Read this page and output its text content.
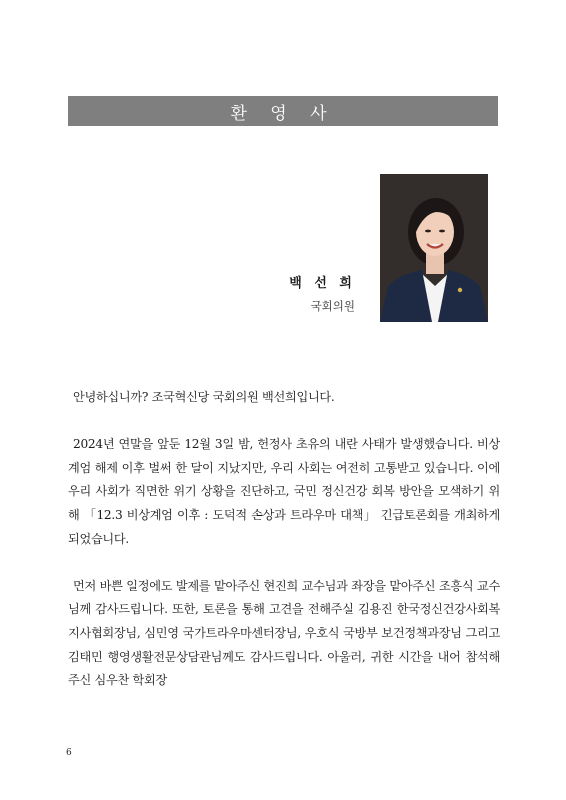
환 영 사
백 선 희
국회의원

안녕하십니까? 조국혁신당 국회의원 백선희입니다.

2024년 연말을 앞둔 12월 3일 밤, 헌정사 초유의 내란 사태가 발생했습니다. 비상계엄 해제 이후 벌써 한 달이 지났지만, 우리 사회는 여전히 고통받고 있습니다. 이에 우리 사회가 직면한 위기 상황을 진단하고, 국민 정신건강 회복 방안을 모색하기 위해 「12.3 비상계엄 이후 : 도덕적 손상과 트라우마 대책」 긴급토론회를 개최하게 되었습니다.

먼저 바쁜 일정에도 발제를 맡아주신 현진희 교수님과 좌장을 맡아주신 조흥식 교수님께 감사드립니다. 또한, 토론을 통해 고견을 전해주실 김용진 한국정신건강사회복지사협회장님, 심민영 국가트라우마센터장님, 우호식 국방부 보건정책과장님 그리고 김태민 행영생활전문상담관님께도 감사드립니다. 아울러, 귀한 시간을 내어 참석해주신 심우찬 학회장

6
